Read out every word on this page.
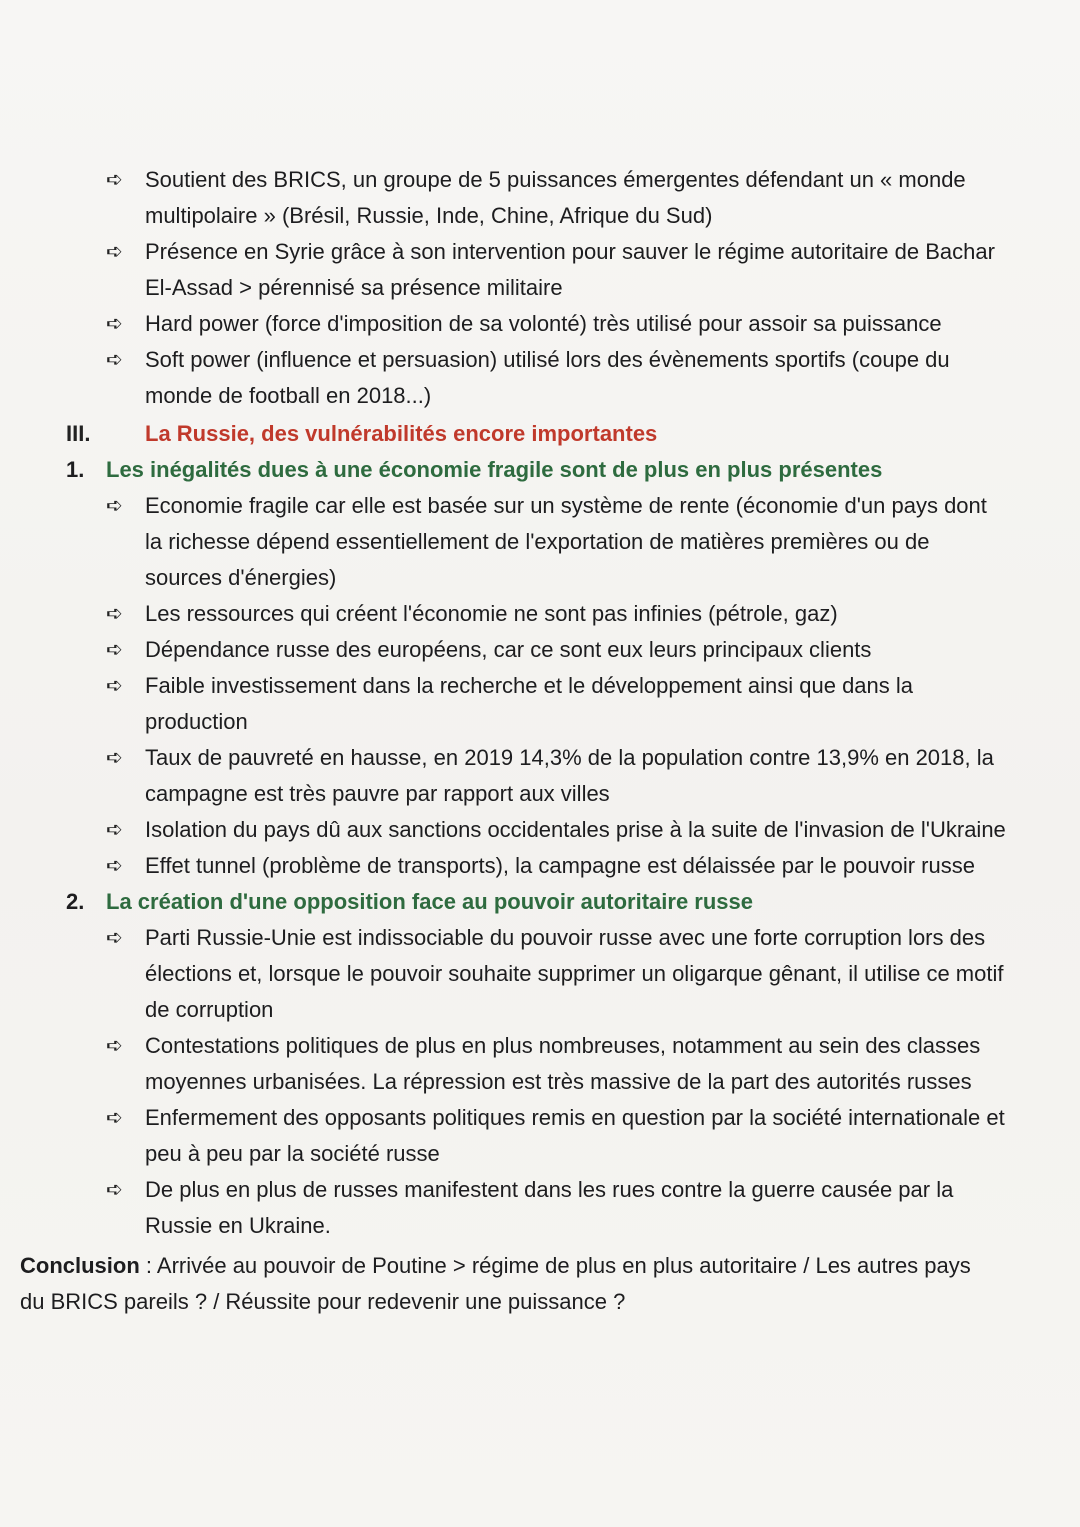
➪ Soutient des BRICS, un groupe de 5 puissances émergentes défendant un « monde multipolaire » (Brésil, Russie, Inde, Chine, Afrique du Sud)
➪ Présence en Syrie grâce à son intervention pour sauver le régime autoritaire de Bachar El-Assad > pérennisé sa présence militaire
➪ Hard power (force d'imposition de sa volonté) très utilisé pour assoir sa puissance
➪ Soft power (influence et persuasion) utilisé lors des évènements sportifs (coupe du monde de football en 2018...)
III. La Russie, des vulnérabilités encore importantes
1. Les inégalités dues à une économie fragile sont de plus en plus présentes
➪ Economie fragile car elle est basée sur un système de rente (économie d'un pays dont la richesse dépend essentiellement de l'exportation de matières premières ou de sources d'énergies)
➪ Les ressources qui créent l'économie ne sont pas infinies (pétrole, gaz)
➪ Dépendance russe des européens, car ce sont eux leurs principaux clients
➪ Faible investissement dans la recherche et le développement ainsi que dans la production
➪ Taux de pauvreté en hausse, en 2019 14,3% de la population contre 13,9% en 2018, la campagne est très pauvre par rapport aux villes
➪ Isolation du pays dû aux sanctions occidentales prise à la suite de l'invasion de l'Ukraine
➪ Effet tunnel (problème de transports), la campagne est délaissée par le pouvoir russe
2. La création d'une opposition face au pouvoir autoritaire russe
➪ Parti Russie-Unie est indissociable du pouvoir russe avec une forte corruption lors des élections et, lorsque le pouvoir souhaite supprimer un oligarque gênant, il utilise ce motif de corruption
➪ Contestations politiques de plus en plus nombreuses, notamment au sein des classes moyennes urbanisées. La répression est très massive de la part des autorités russes
➪ Enfermement des opposants politiques remis en question par la société internationale et peu à peu par la société russe
➪ De plus en plus de russes manifestent dans les rues contre la guerre causée par la Russie en Ukraine.

Conclusion : Arrivée au pouvoir de Poutine > régime de plus en plus autoritaire / Les autres pays du BRICS pareils ? / Réussite pour redevenir une puissance ?
